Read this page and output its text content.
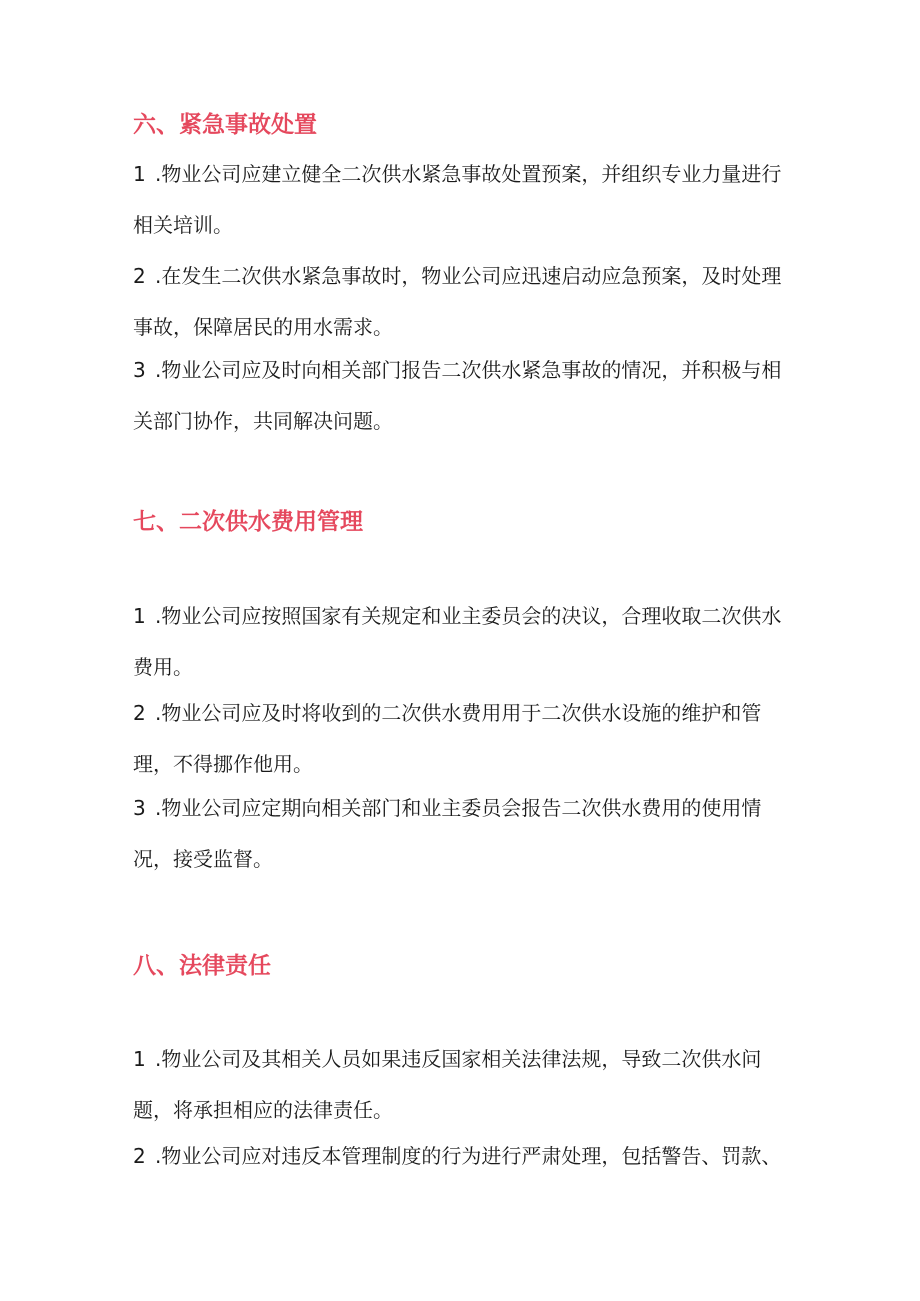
六、紧急事故处置

1 .物业公司应建立健全二次供水紧急事故处置预案，并组织专业力量进行相关培训。

2 .在发生二次供水紧急事故时，物业公司应迅速启动应急预案，及时处理事故，保障居民的用水需求。

3 .物业公司应及时向相关部门报告二次供水紧急事故的情况，并积极与相关部门协作，共同解决问题。

七、二次供水费用管理

1 .物业公司应按照国家有关规定和业主委员会的决议，合理收取二次供水费用。

2 .物业公司应及时将收到的二次供水费用用于二次供水设施的维护和管理，不得挪作他用。

3 .物业公司应定期向相关部门和业主委员会报告二次供水费用的使用情况，接受监督。

八、法律责任

1 .物业公司及其相关人员如果违反国家相关法律法规，导致二次供水问题，将承担相应的法律责任。

2 .物业公司应对违反本管理制度的行为进行严肃处理，包括警告、罚款、
